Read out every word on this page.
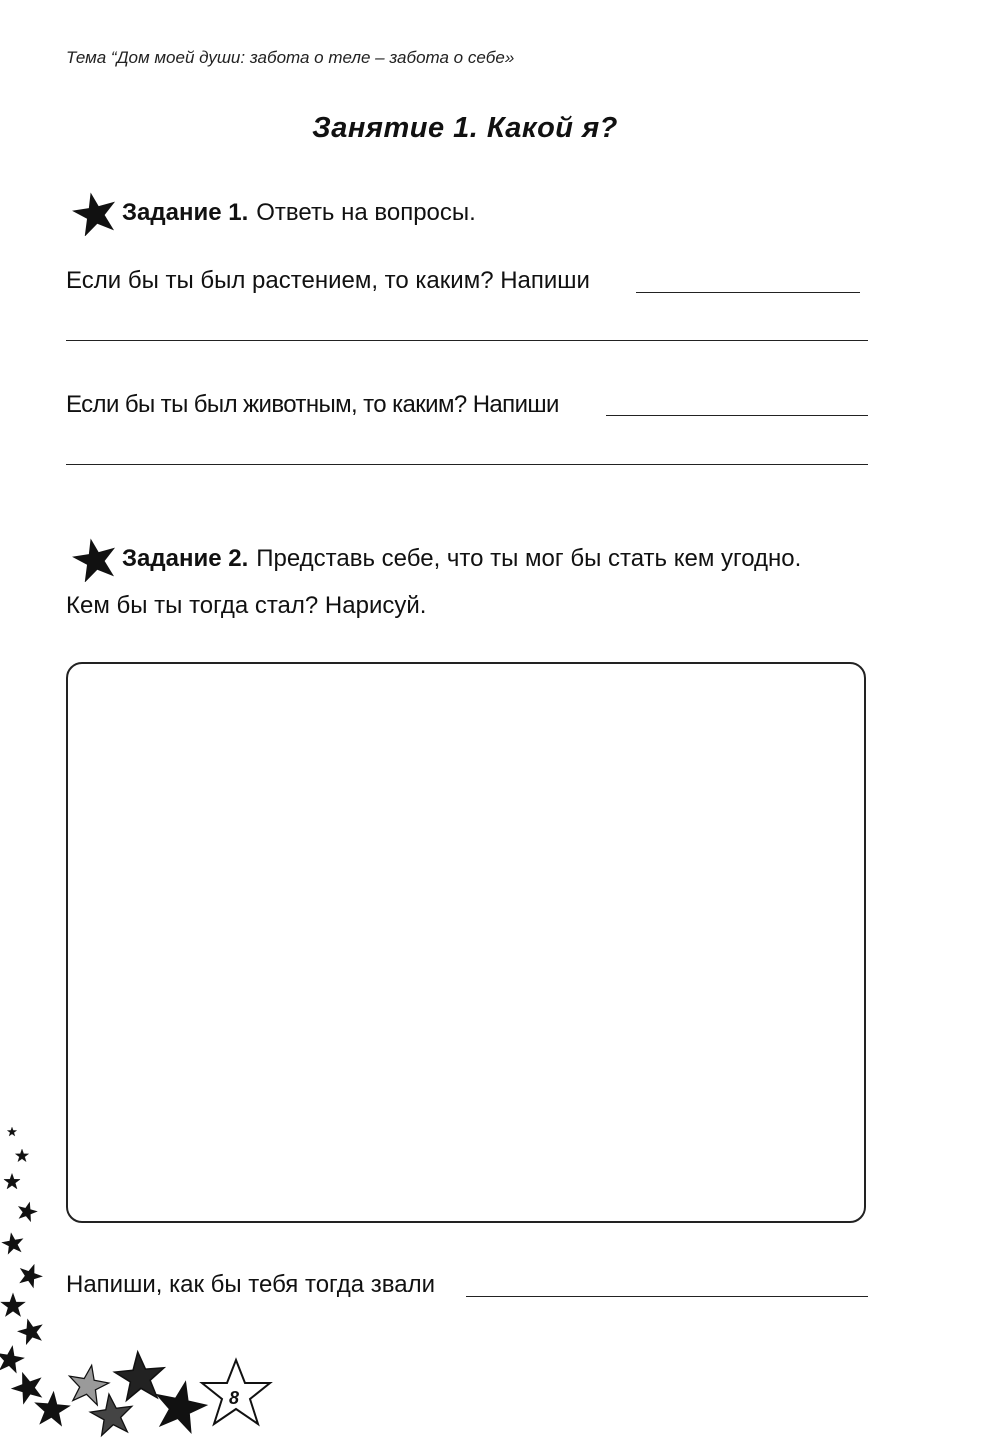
Тема “Дом моей души: забота о теле – забота о себе»
Занятие 1. Какой я?
Задание 1. Ответь на вопросы.
Если бы ты был растением, то каким? Напиши
Если бы ты был животным, то каким? Напиши
Задание 2. Представь себе, что ты мог бы стать кем угодно.
Кем бы ты тогда стал? Нарисуй.
Напиши, как бы тебя тогда звали
8
